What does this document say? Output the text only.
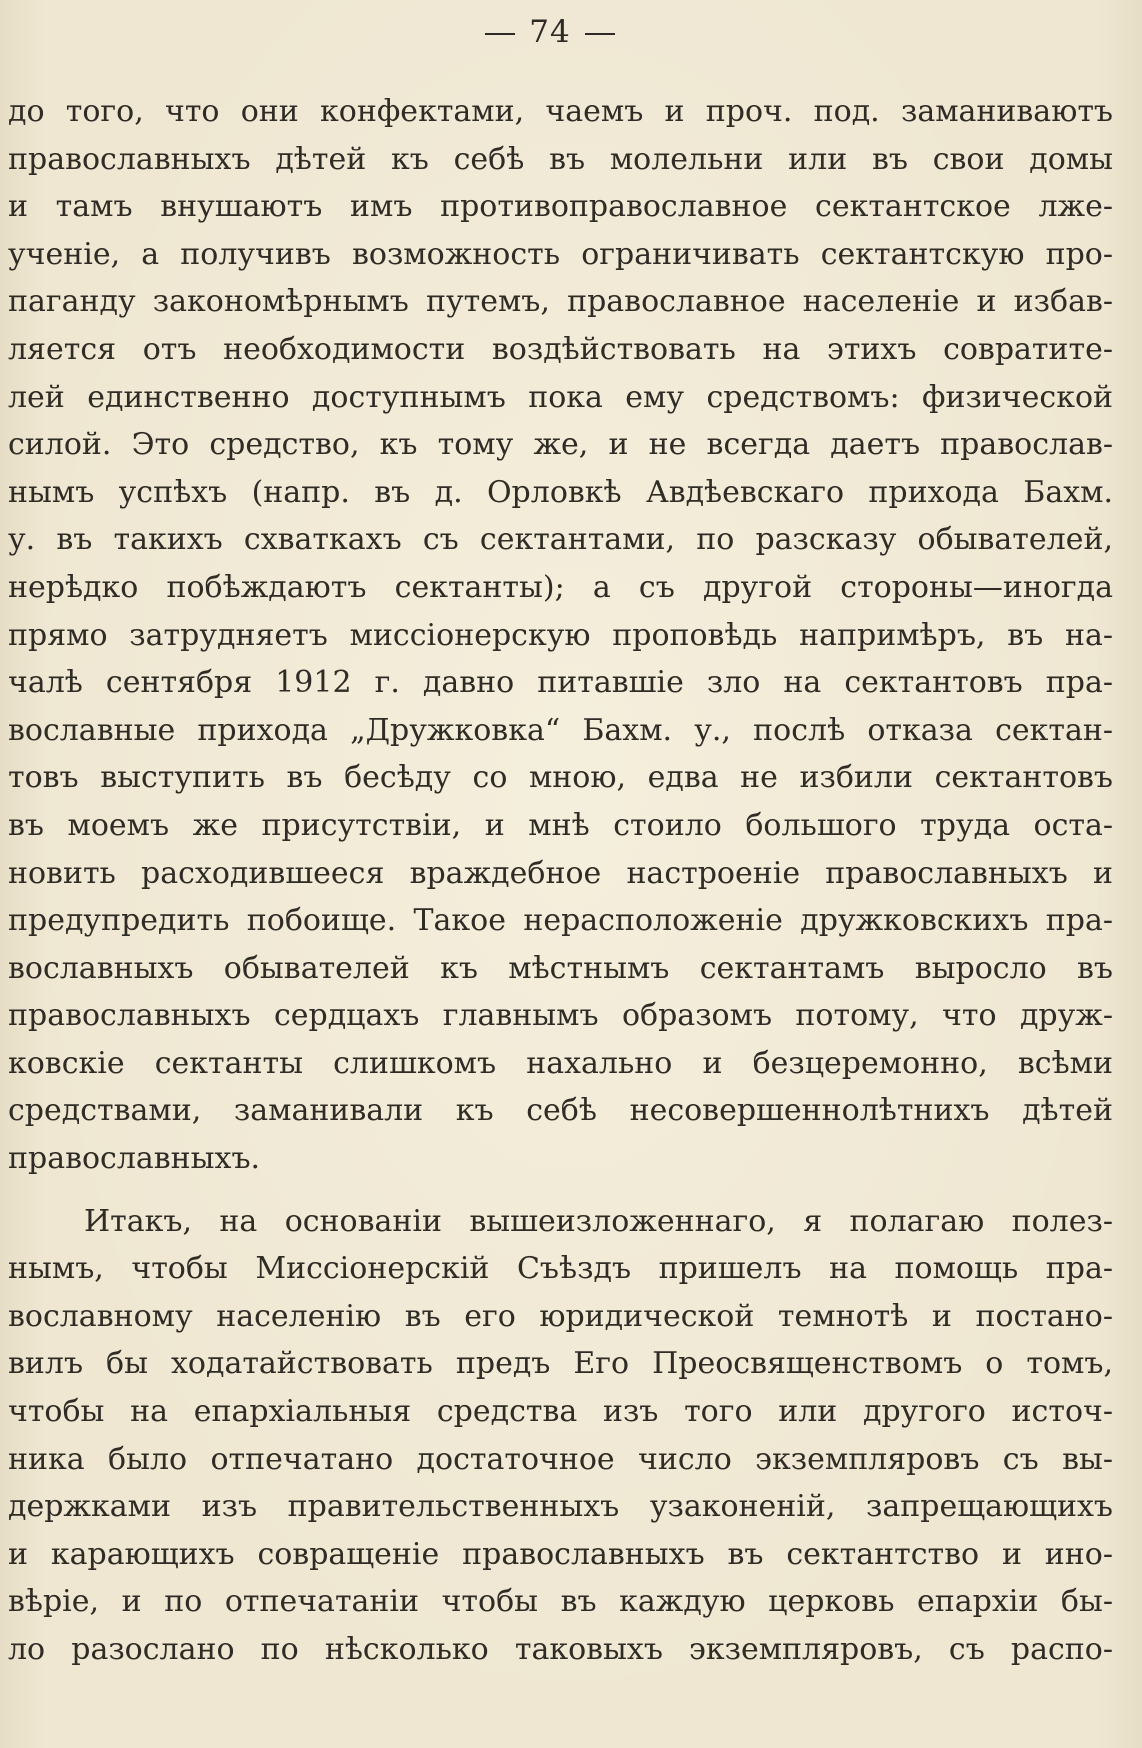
74
до того, что они конфектами, чаемъ и проч. под. заманиваютъ
православныхъ дѣтей къ себѣ въ молельни или въ свои домы
и тамъ внушаютъ имъ противоправославное сектантское лже-
ученіе, а получивъ возможность ограничивать сектантскую про-
паганду закономѣрнымъ путемъ, православное населеніе и избав-
ляется отъ необходимости воздѣйствовать на этихъ совратите-
лей единственно доступнымъ пока ему средствомъ: физической
силой. Это средство, къ тому же, и не всегда даетъ православ-
нымъ успѣхъ (напр. въ д. Орловкѣ Авдѣевскаго прихода Бахм.
у. въ такихъ схваткахъ съ сектантами, по разсказу обывателей,
нерѣдко побѣждаютъ сектанты); а съ другой стороны—иногда
прямо затрудняетъ миссіонерскую проповѣдь напримѣръ, въ на-
чалѣ сентября 1912 г. давно питавшіе зло на сектантовъ пра-
вославные прихода „Дружковка“ Бахм. у., послѣ отказа сектан-
товъ выступить въ бесѣду со мною, едва не избили сектантовъ
въ моемъ же присутствіи, и мнѣ стоило большого труда оста-
новить расходившееся враждебное настроеніе православныхъ и
предупредить побоище. Такое нерасположеніе дружковскихъ пра-
вославныхъ обывателей къ мѣстнымъ сектантамъ выросло въ
православныхъ сердцахъ главнымъ образомъ потому, что друж-
ковскіе сектанты слишкомъ нахально и безцеремонно, всѣми
средствами, заманивали къ себѣ несовершеннолѣтнихъ дѣтей
православныхъ.
Итакъ, на основаніи вышеизложеннаго, я полагаю полез-
нымъ, чтобы Миссіонерскій Съѣздъ пришелъ на помощь пра-
вославному населенію въ его юридической темнотѣ и постано-
вилъ бы ходатайствовать предъ Его Преосвященствомъ о томъ,
чтобы на епархіальныя средства изъ того или другого источ-
ника было отпечатано достаточное число экземпляровъ съ вы-
держками изъ правительственныхъ узаконеній, запрещающихъ
и карающихъ совращеніе православныхъ въ сектантство и ино-
вѣріе, и по отпечатаніи чтобы въ каждую церковь епархіи бы-
ло разослано по нѣсколько таковыхъ экземпляровъ, съ распо-
